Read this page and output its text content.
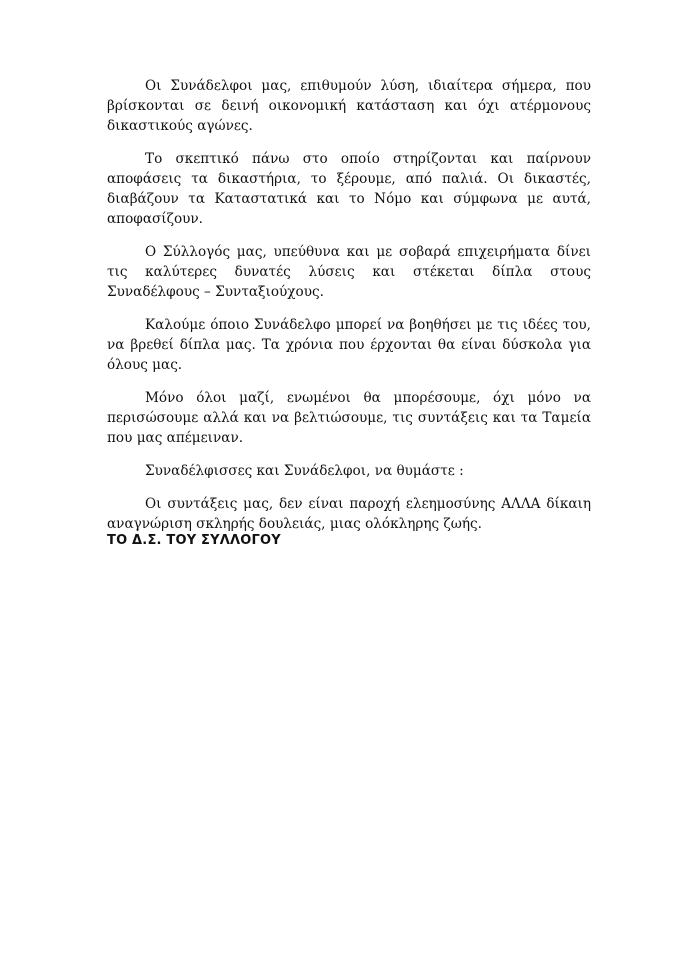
Οι Συνάδελφοι μας, επιθυμούν λύση, ιδιαίτερα σήμερα, που βρίσκονται σε δεινή οικονομική κατάσταση και όχι ατέρμονους δικαστικούς αγώνες.

Το σκεπτικό πάνω στο οποίο στηρίζονται και παίρνουν αποφάσεις τα δικαστήρια, το ξέρουμε, από παλιά. Οι δικαστές, διαβάζουν τα Καταστατικά και το Νόμο και σύμφωνα με αυτά, αποφασίζουν.

Ο Σύλλογός μας, υπεύθυνα και με σοβαρά επιχειρήματα δίνει τις καλύτερες δυνατές λύσεις και στέκεται δίπλα στους Συναδέλφους – Συνταξιούχους.

Καλούμε όποιο Συνάδελφο μπορεί να βοηθήσει με τις ιδέες του, να βρεθεί δίπλα μας. Τα χρόνια που έρχονται θα είναι δύσκολα για όλους μας.

Μόνο όλοι μαζί, ενωμένοι θα μπορέσουμε, όχι μόνο να περισώσουμε αλλά και να βελτιώσουμε, τις συντάξεις και τα Ταμεία που μας απέμειναν.

Συναδέλφισσες και Συνάδελφοι, να θυμάστε :

Οι συντάξεις μας, δεν είναι παροχή ελεημοσύνης ΑΛΛΑ δίκαιη αναγνώριση σκληρής δουλειάς, μιας ολόκληρης ζωής.

ΤΟ Δ.Σ. ΤΟΥ ΣΥΛΛΟΓΟΥ
